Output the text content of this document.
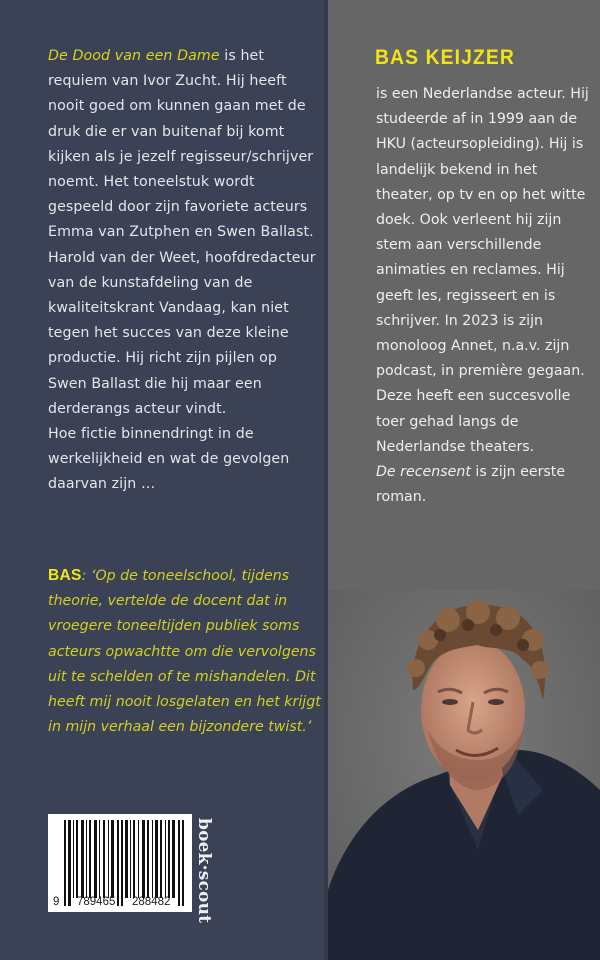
De Dood van een Dame is het requiem van Ivor Zucht. Hij heeft nooit goed om kunnen gaan met de druk die er van buitenaf bij komt kijken als je jezelf regisseur/schrijver noemt. Het toneelstuk wordt gespeeld door zijn favoriete acteurs Emma van Zutphen en Swen Ballast. Harold van der Weet, hoofdredacteur van de kunstafdeling van de kwaliteitskrant Vandaag, kan niet tegen het succes van deze kleine productie. Hij richt zijn pijlen op Swen Ballast die hij maar een derderangs acteur vindt.
Hoe fictie binnendringt in de werkelijkheid en wat de gevolgen daarvan zijn …
BAS: ‘Op de toneelschool, tijdens theorie, vertelde de docent dat in vroegere toneeltijden publiek soms acteurs opwachtte om die vervolgens uit te schelden of te mishandelen. Dit heeft mij nooit losgelaten en het krijgt in mijn verhaal een bijzondere twist.’
BAS KEIJZER
is een Nederlandse acteur. Hij studeerde af in 1999 aan de HKU (acteursopleiding). Hij is landelijk bekend in het theater, op tv en op het witte doek. Ook verleent hij zijn stem aan verschillende animaties en reclames. Hij geeft les, regisseert en is schrijver. In 2023 is zijn monoloog Annet, n.a.v. zijn podcast, in première gegaan. Deze heeft een succesvolle toer gehad langs de Nederlandse theaters.
De recensent is zijn eerste roman.
9 789465 288482 boek·scout
